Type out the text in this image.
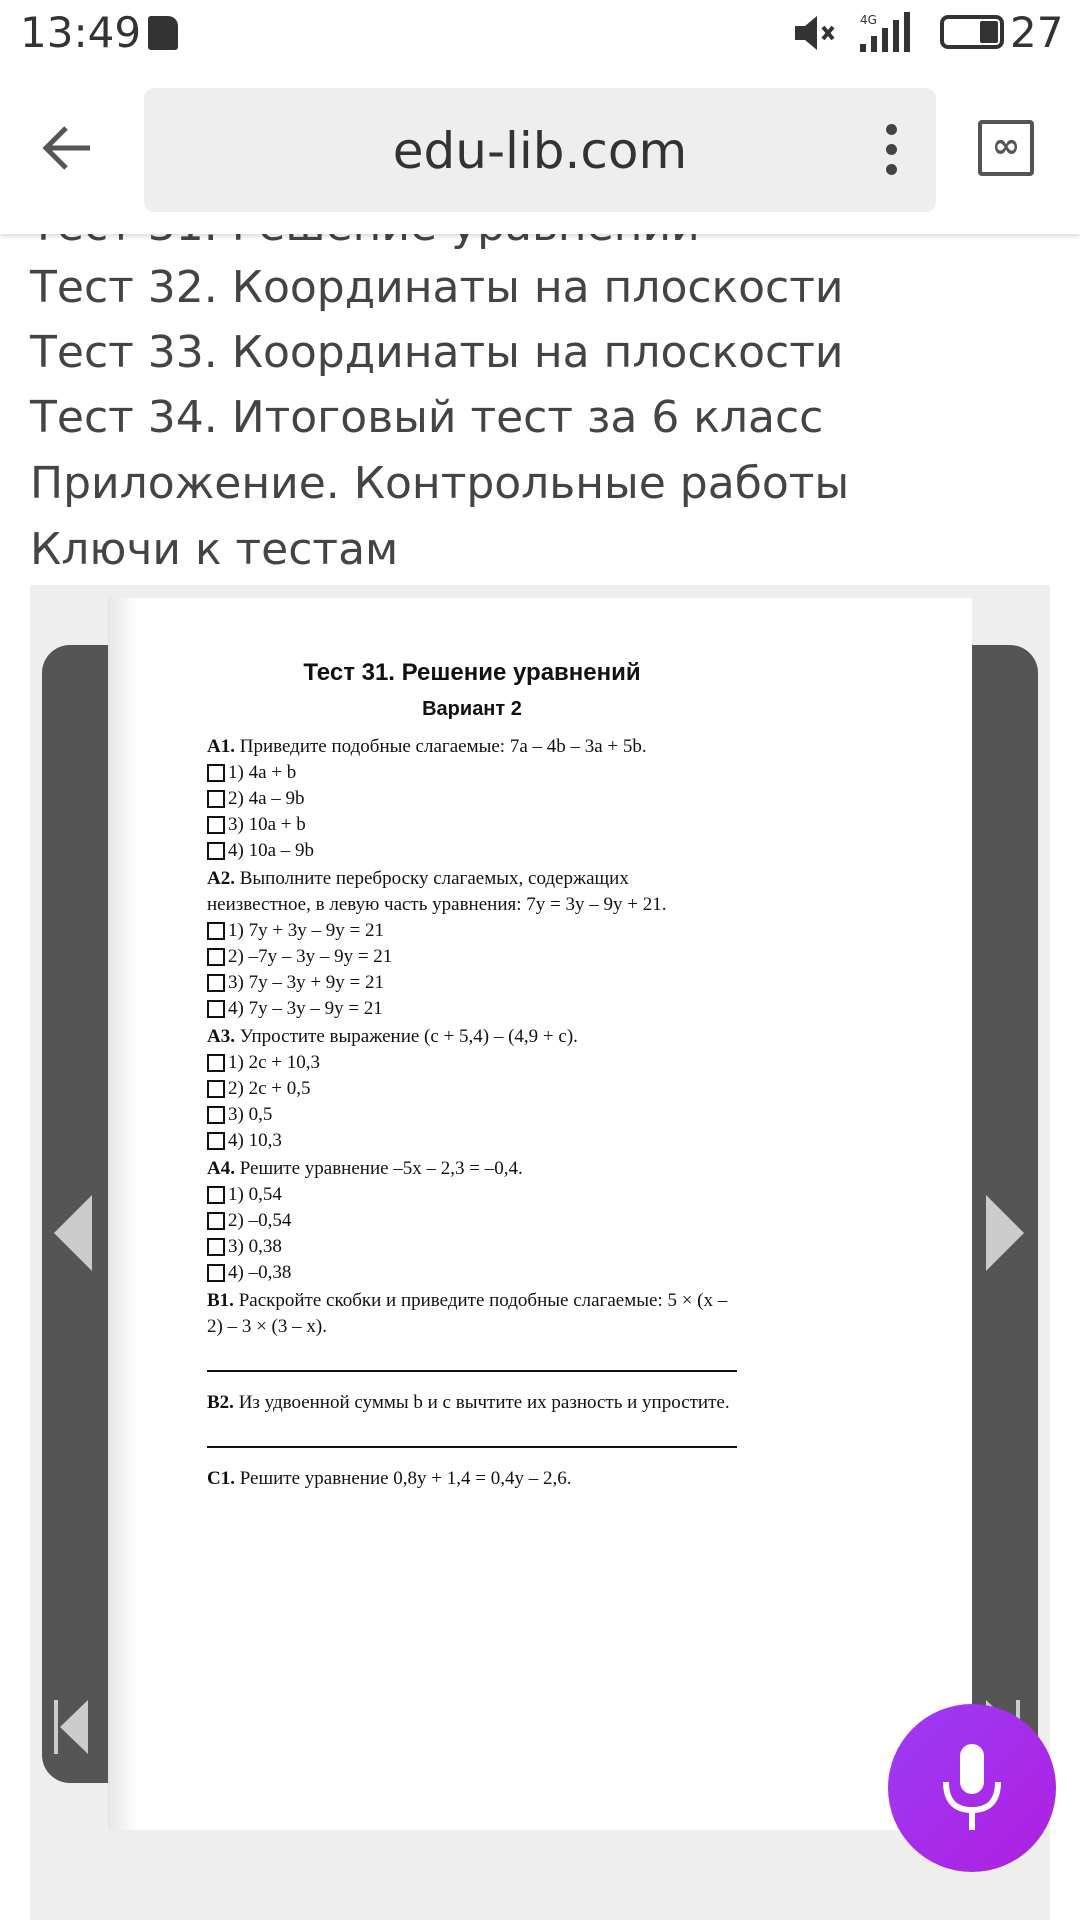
13:49	4G	27
edu-lib.com	∞
Тест 32. Координаты на плоскости
Тест 33. Координаты на плоскости
Тест 34. Итоговый тест за 6 класс
Приложение. Контрольные работы
Ключи к тестам
Тест 31. Решение уравнений
Вариант 2
А1. Приведите подобные слагаемые: 7a – 4b – 3a + 5b.
1) 4a + b
2) 4a – 9b
3) 10a + b
4) 10a – 9b
А2. Выполните переброску слагаемых, содержащих неизвестное, в левую часть уравнения: 7y = 3y – 9y + 21.
1) 7y + 3y – 9y = 21
2) –7y – 3y – 9y = 21
3) 7y – 3y + 9y = 21
4) 7y – 3y – 9y = 21
А3. Упростите выражение (c + 5,4) – (4,9 + c).
1) 2c + 10,3
2) 2c + 0,5
3) 0,5
4) 10,3
А4. Решите уравнение –5x – 2,3 = –0,4.
1) 0,54
2) –0,54
3) 0,38
4) –0,38
В1. Раскройте скобки и приведите подобные слагаемые: 5 × (x – 2) – 3 × (3 – x).
В2. Из удвоенной суммы b и c вычтите их разность и упростите.
С1. Решите уравнение 0,8y + 1,4 = 0,4y – 2,6.
